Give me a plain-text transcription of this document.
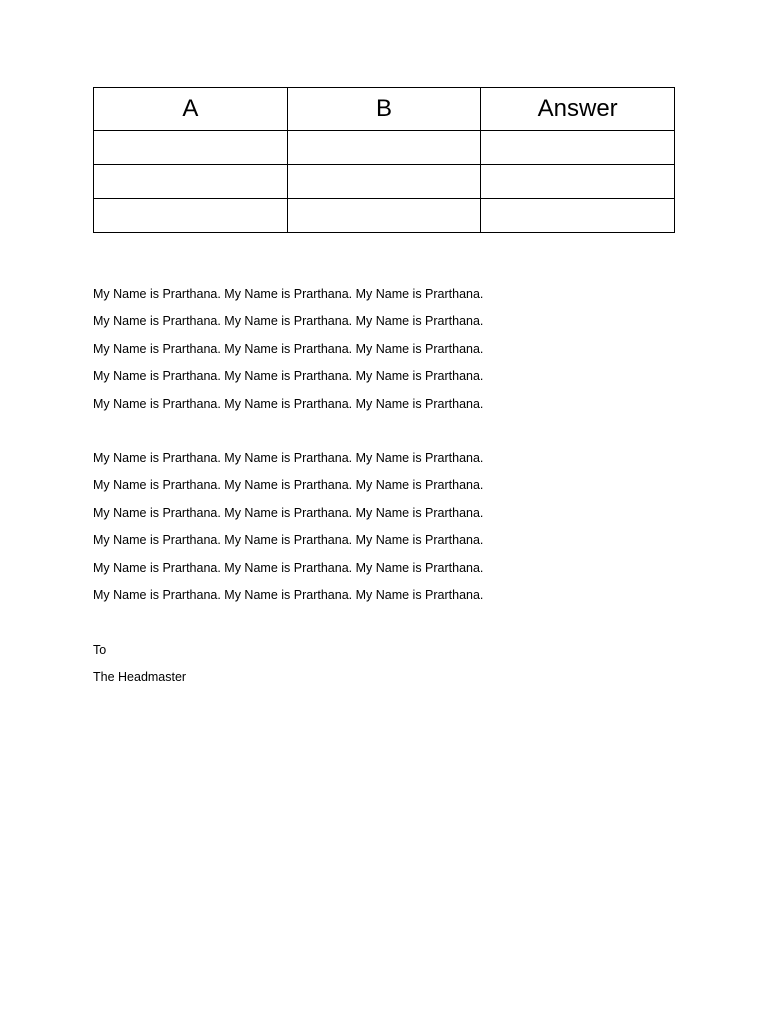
A	B	Answer

My Name is Prarthana. My Name is Prarthana. My Name is Prarthana.
My Name is Prarthana. My Name is Prarthana. My Name is Prarthana.
My Name is Prarthana. My Name is Prarthana. My Name is Prarthana.
My Name is Prarthana. My Name is Prarthana. My Name is Prarthana.
My Name is Prarthana. My Name is Prarthana. My Name is Prarthana.
My Name is Prarthana. My Name is Prarthana. My Name is Prarthana.
My Name is Prarthana. My Name is Prarthana. My Name is Prarthana.
My Name is Prarthana. My Name is Prarthana. My Name is Prarthana.
My Name is Prarthana. My Name is Prarthana. My Name is Prarthana.
My Name is Prarthana. My Name is Prarthana. My Name is Prarthana.
My Name is Prarthana. My Name is Prarthana. My Name is Prarthana.
To
The Headmaster
